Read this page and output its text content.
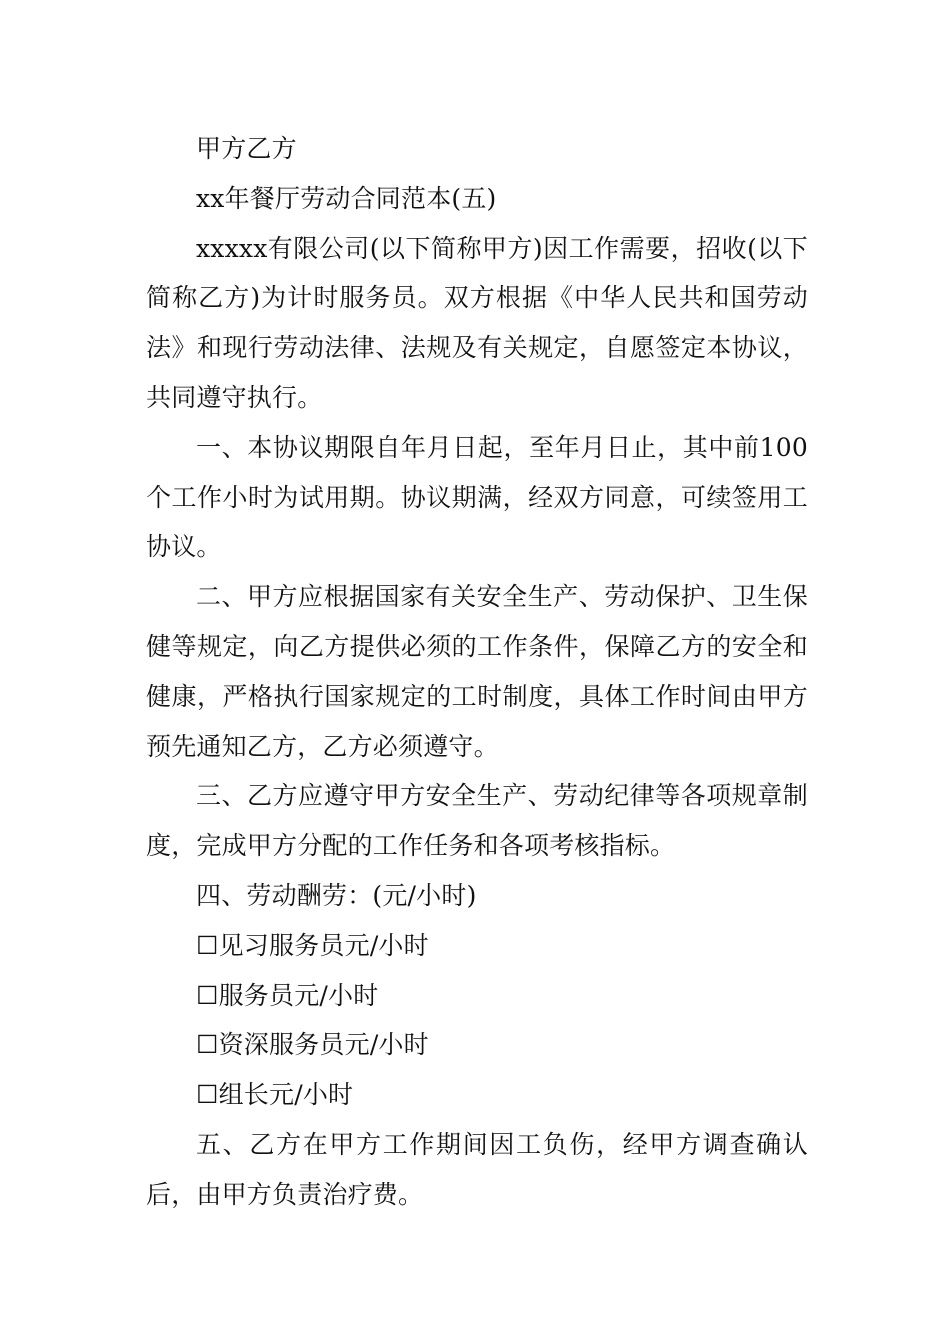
甲方乙方

xx年餐厅劳动合同范本(五)

xxxxx有限公司(以下简称甲方)因工作需要，招收(以下简称乙方)为计时服务员。双方根据《中华人民共和国劳动法》和现行劳动法律、法规及有关规定，自愿签定本协议，共同遵守执行。

一、本协议期限自年月日起，至年月日止，其中前100个工作小时为试用期。协议期满，经双方同意，可续签用工协议。

二、甲方应根据国家有关安全生产、劳动保护、卫生保健等规定，向乙方提供必须的工作条件，保障乙方的安全和健康，严格执行国家规定的工时制度，具体工作时间由甲方预先通知乙方，乙方必须遵守。

三、乙方应遵守甲方安全生产、劳动纪律等各项规章制度，完成甲方分配的工作任务和各项考核指标。

四、劳动酬劳：(元/小时)

☐见习服务员元/小时

☐服务员元/小时

☐资深服务员元/小时

☐组长元/小时

五、乙方在甲方工作期间因工负伤，经甲方调查确认后，由甲方负责治疗费。
